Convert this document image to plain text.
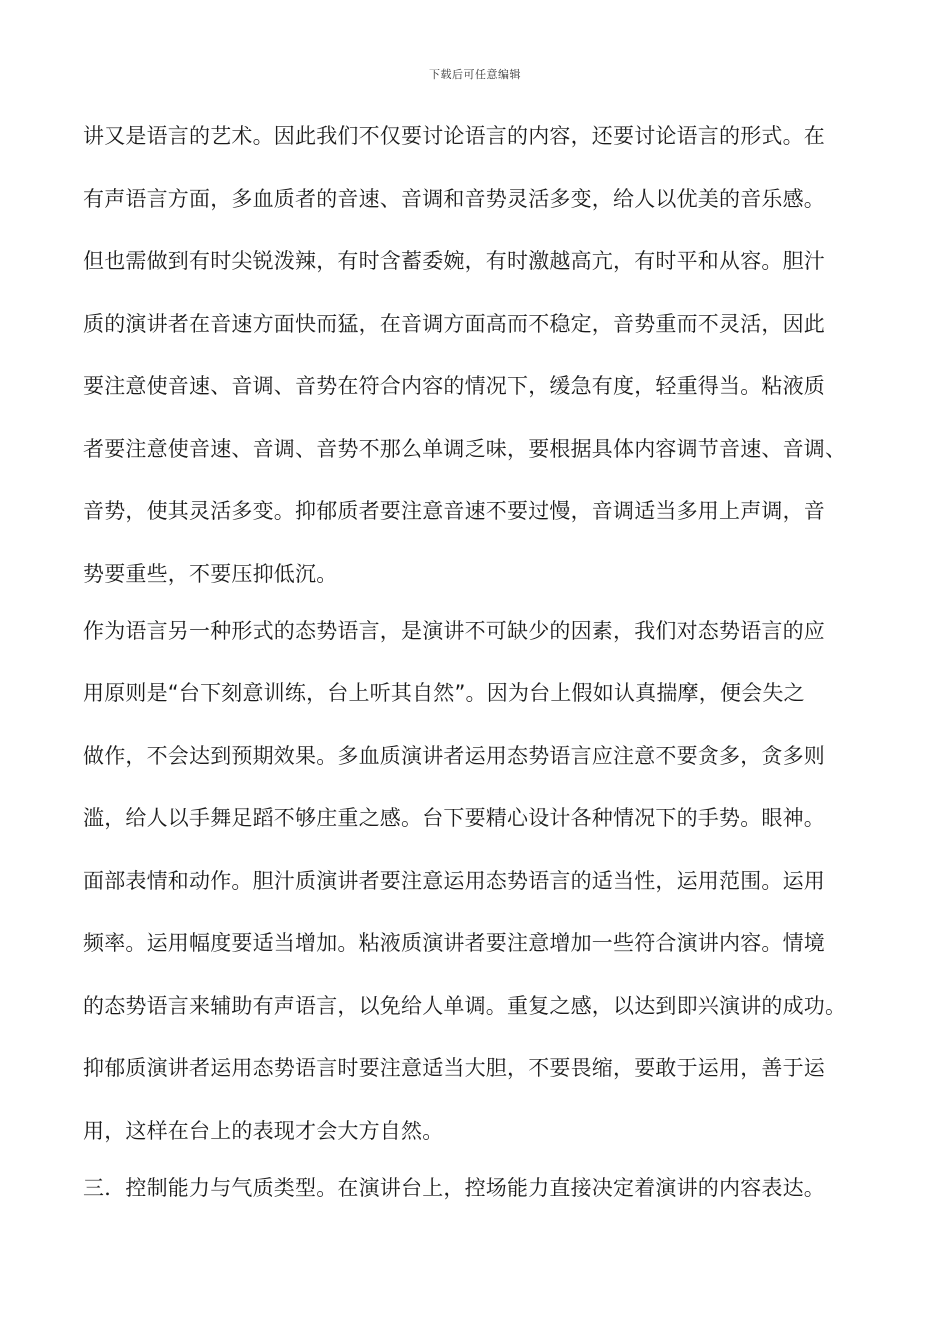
下载后可任意编辑
讲又是语言的艺术。因此我们不仅要讨论语言的内容，还要讨论语言的形式。在
有声语言方面，多血质者的音速、音调和音势灵活多变，给人以优美的音乐感。
但也需做到有时尖锐泼辣，有时含蓄委婉，有时激越高亢，有时平和从容。胆汁
质的演讲者在音速方面快而猛，在音调方面高而不稳定，音势重而不灵活，因此
要注意使音速、音调、音势在符合内容的情况下，缓急有度，轻重得当。粘液质
者要注意使音速、音调、音势不那么单调乏味，要根据具体内容调节音速、音调、
音势，使其灵活多变。抑郁质者要注意音速不要过慢，音调适当多用上声调，音
势要重些，不要压抑低沉。
作为语言另一种形式的态势语言，是演讲不可缺少的因素，我们对态势语言的应
用原则是“台下刻意训练，台上听其自然”。因为台上假如认真揣摩，便会失之
做作，不会达到预期效果。多血质演讲者运用态势语言应注意不要贪多，贪多则
滥，给人以手舞足蹈不够庄重之感。台下要精心设计各种情况下的手势。眼神。
面部表情和动作。胆汁质演讲者要注意运用态势语言的适当性，运用范围。运用
频率。运用幅度要适当增加。粘液质演讲者要注意增加一些符合演讲内容。情境
的态势语言来辅助有声语言，以免给人单调。重复之感，以达到即兴演讲的成功。
抑郁质演讲者运用态势语言时要注意适当大胆，不要畏缩，要敢于运用，善于运
用，这样在台上的表现才会大方自然。
三．控制能力与气质类型。在演讲台上，控场能力直接决定着演讲的内容表达。
